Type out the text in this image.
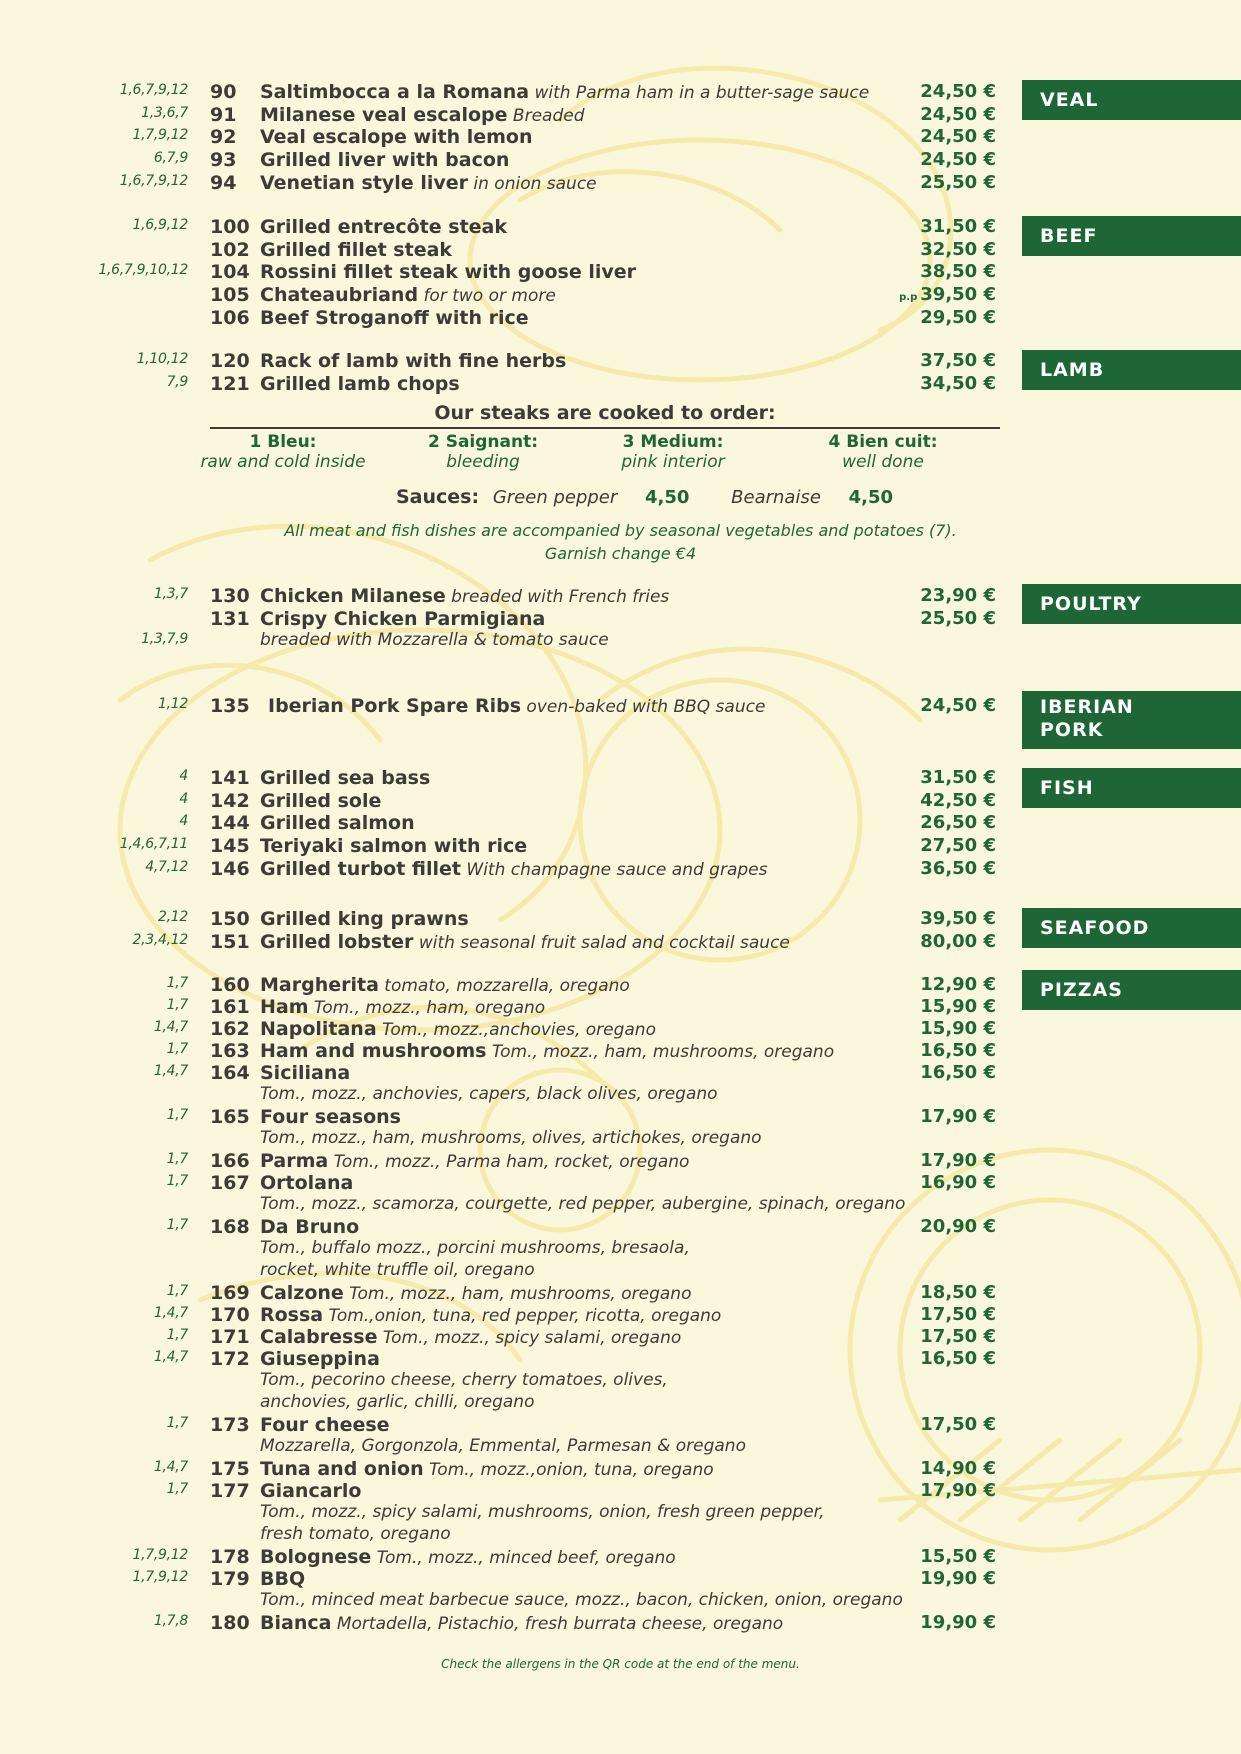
VEAL
BEEF
LAMB
POULTRY
IBERIAN
PORK
FISH
SEAFOOD
PIZZAS
1,6,7,9,12 90 Saltimbocca a la Romana with Parma ham in a butter-sage sauce	24,50 €
1,3,6,7 91 Milanese veal escalope Breaded	24,50 €
1,7,9,12 92 Veal escalope with lemon	24,50 €
6,7,9 93 Grilled liver with bacon	24,50 €
1,6,7,9,12 94 Venetian style liver in onion sauce	25,50 €
1,6,9,12 100 Grilled entrecôte steak	31,50 €
102 Grilled fillet steak	32,50 €
1,6,7,9,10,12 104 Rossini fillet steak with goose liver	38,50 €
105 Chateaubriand for two or more	p.p 39,50 €
106 Beef Stroganoff with rice	29,50 €
1,10,12 120 Rack of lamb with fine herbs	37,50 €
7,9 121 Grilled lamb chops	34,50 €
1,3,7 130 Chicken Milanese breaded with French fries	23,90 €
131 Crispy Chicken Parmigiana	25,50 €
1,3,7,9	breaded with Mozzarella & tomato sauce
1,12 135 Iberian Pork Spare Ribs oven-baked with BBQ sauce	24,50 €
4 141 Grilled sea bass	31,50 €
4 142 Grilled sole	42,50 €
4 144 Grilled salmon	26,50 €
1,4,6,7,11 145 Teriyaki salmon with rice	27,50 €
4,7,12 146 Grilled turbot fillet With champagne sauce and grapes	36,50 €
2,12 150 Grilled king prawns	39,50 €
2,3,4,12 151 Grilled lobster with seasonal fruit salad and cocktail sauce	80,00 €
1,7 160 Margherita tomato, mozzarella, oregano	12,90 €
1,7 161 Ham Tom., mozz., ham, oregano	15,90 €
1,4,7 162 Napolitana Tom., mozz.,anchovies, oregano	15,90 €
1,7 163 Ham and mushrooms Tom., mozz., ham, mushrooms, oregano	16,50 €
1,4,7 164 Siciliana	16,50 €
Tom., mozz., anchovies, capers, black olives, oregano
1,7 165 Four seasons	17,90 €
Tom., mozz., ham, mushrooms, olives, artichokes, oregano
1,7 166 Parma Tom., mozz., Parma ham, rocket, oregano	17,90 €
1,7 167 Ortolana	16,90 €
Tom., mozz., scamorza, courgette, red pepper, aubergine, spinach, oregano
1,7 168 Da Bruno	20,90 €
Tom., buffalo mozz., porcini mushrooms, bresaola,
rocket, white truffle oil, oregano
1,7 169 Calzone Tom., mozz., ham, mushrooms, oregano	18,50 €
1,4,7 170 Rossa Tom.,onion, tuna, red pepper, ricotta, oregano	17,50 €
1,7 171 Calabresse Tom., mozz., spicy salami, oregano	17,50 €
1,4,7 172 Giuseppina	16,50 €
Tom., pecorino cheese, cherry tomatoes, olives,
anchovies, garlic, chilli, oregano
1,7 173 Four cheese	17,50 €
Mozzarella, Gorgonzola, Emmental, Parmesan & oregano
1,4,7 175 Tuna and onion Tom., mozz.,onion, tuna, oregano	14,90 €
1,7 177 Giancarlo	17,90 €
Tom., mozz., spicy salami, mushrooms, onion, fresh green pepper,
fresh tomato, oregano
1,7,9,12 178 Bolognese Tom., mozz., minced beef, oregano	15,50 €
1,7,9,12 179 BBQ	19,90 €
Tom., minced meat barbecue sauce, mozz., bacon, chicken, onion, oregano
1,7,8 180 Bianca Mortadella, Pistachio, fresh burrata cheese, oregano	19,90 €
Our steaks are cooked to order:
1 Bleu:
raw and cold inside
2 Saignant:
bleeding
3 Medium:
pink interior
4 Bien cuit:
well done
Sauces: Green pepper 4,50 Bearnaise 4,50
All meat and fish dishes are accompanied by seasonal vegetables and potatoes (7).
Garnish change €4
Check the allergens in the QR code at the end of the menu.
